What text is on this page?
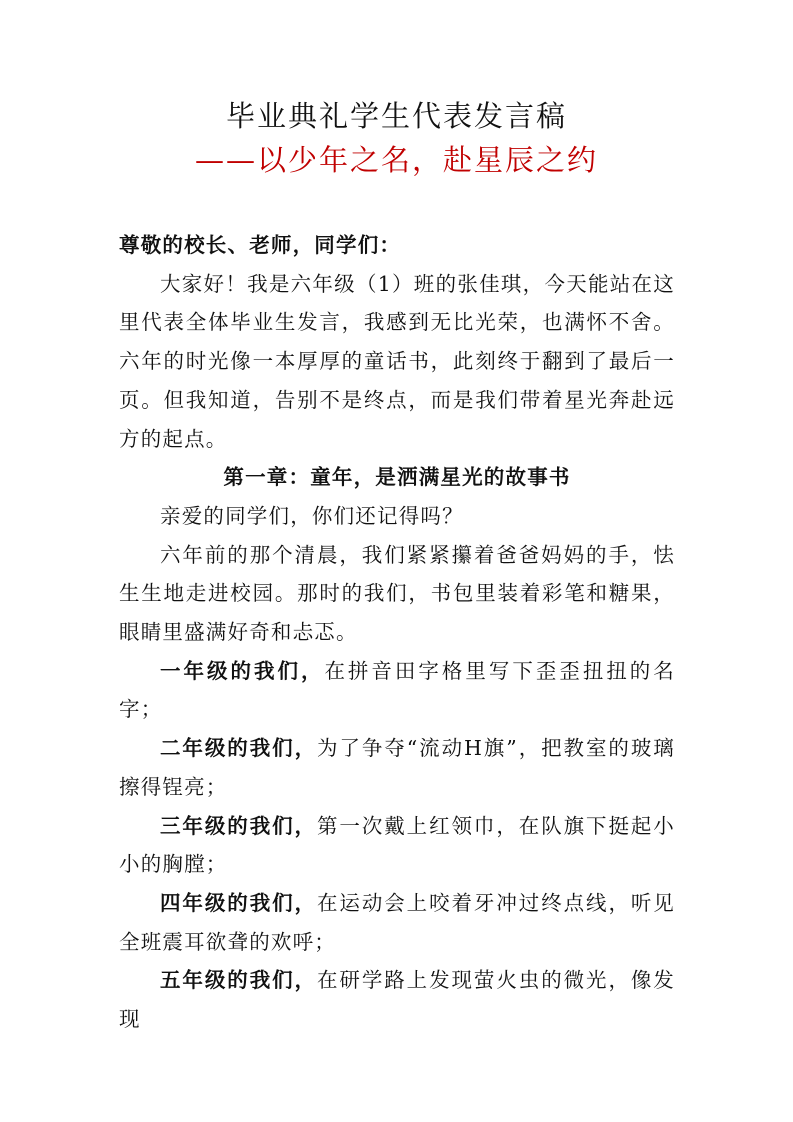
毕业典礼学生代表发言稿
——以少年之名，赴星辰之约

尊敬的校长、老师，同学们：

大家好！我是六年级（1）班的张佳琪，今天能站在这里代表全体毕业生发言，我感到无比光荣，也满怀不舍。六年的时光像一本厚厚的童话书，此刻终于翻到了最后一页。但我知道，告别不是终点，而是我们带着星光奔赴远方的起点。

第一章：童年，是洒满星光的故事书

亲爱的同学们，你们还记得吗？

六年前的那个清晨，我们紧紧攥着爸爸妈妈的手，怯生生地走进校园。那时的我们，书包里装着彩笔和糖果，眼睛里盛满好奇和忐忑。

一年级的我们，在拼音田字格里写下歪歪扭扭的名字；

二年级的我们，为了争夺“流动H旗”，把教室的玻璃擦得锃亮；

三年级的我们，第一次戴上红领巾，在队旗下挺起小小的胸膛；

四年级的我们，在运动会上咬着牙冲过终点线，听见全班震耳欲聋的欢呼；

五年级的我们，在研学路上发现萤火虫的微光，像发现
